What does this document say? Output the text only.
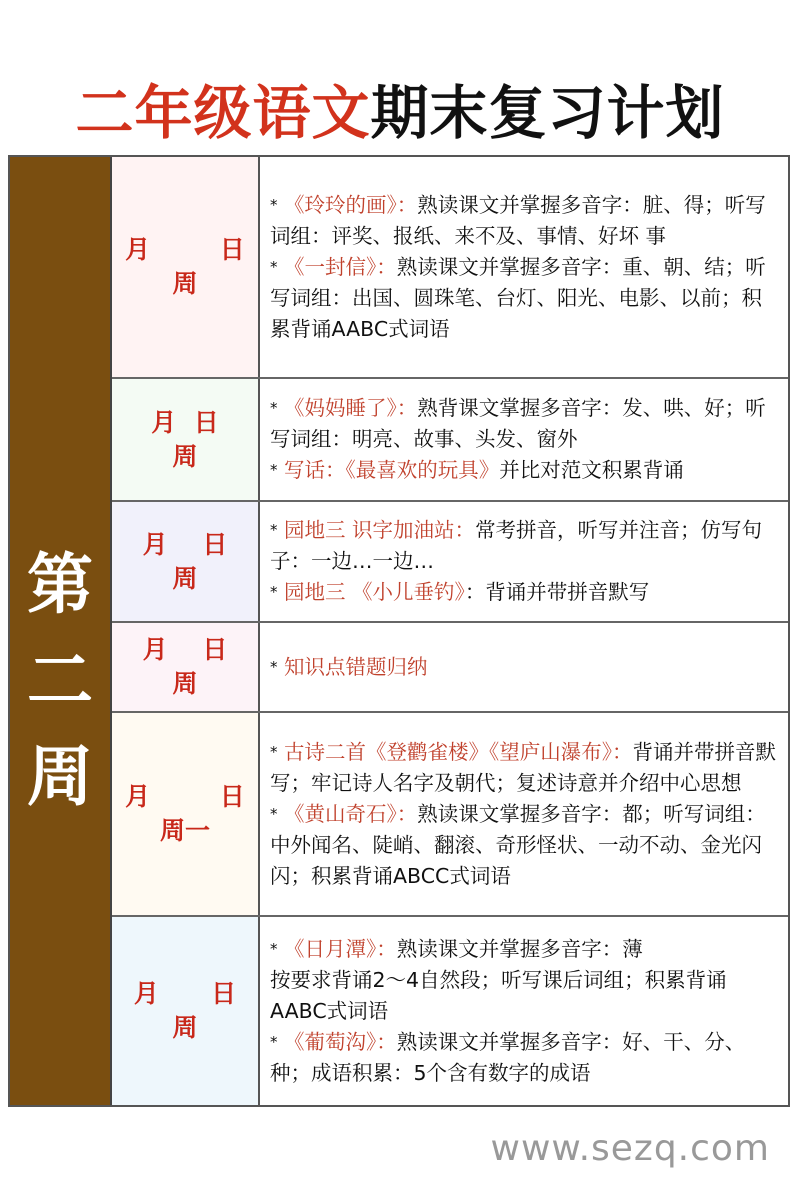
二年级语文期末复习计划
第
二
周
月        日
周
* 《玲玲的画》：熟读课文并掌握多音字：脏、得；听写词组：评奖、报纸、来不及、事情、好坏 事
* 《一封信》：熟读课文并掌握多音字：重、朝、结；听写词组：出国、圆珠笔、台灯、阳光、电影、以前；积累背诵AABC式词语
月  日
周
* 《妈妈睡了》：熟背课文掌握多音字：发、哄、好；听写词组：明亮、故事、头发、窗外
* 写话：《最喜欢的玩具》并比对范文积累背诵
月    日
周
* 园地三 识字加油站：常考拼音，听写并注音；仿写句子：一边…一边…
* 园地三 《小儿垂钓》：背诵并带拼音默写
月    日
周
* 知识点错题归纳
月        日
周一
* 古诗二首《登鹳雀楼》《望庐山瀑布》：背诵并带拼音默写；牢记诗人名字及朝代；复述诗意并介绍中心思想
* 《黄山奇石》：熟读课文掌握多音字：都；听写词组：中外闻名、陡峭、翻滚、奇形怪状、一动不动、金光闪闪；积累背诵ABCC式词语
月      日
周
* 《日月潭》：熟读课文并掌握多音字：薄
按要求背诵2～4自然段；听写课后词组；积累背诵AABC式词语
* 《葡萄沟》：熟读课文并掌握多音字：好、干、分、种；成语积累：5个含有数字的成语
www.sezq.com
